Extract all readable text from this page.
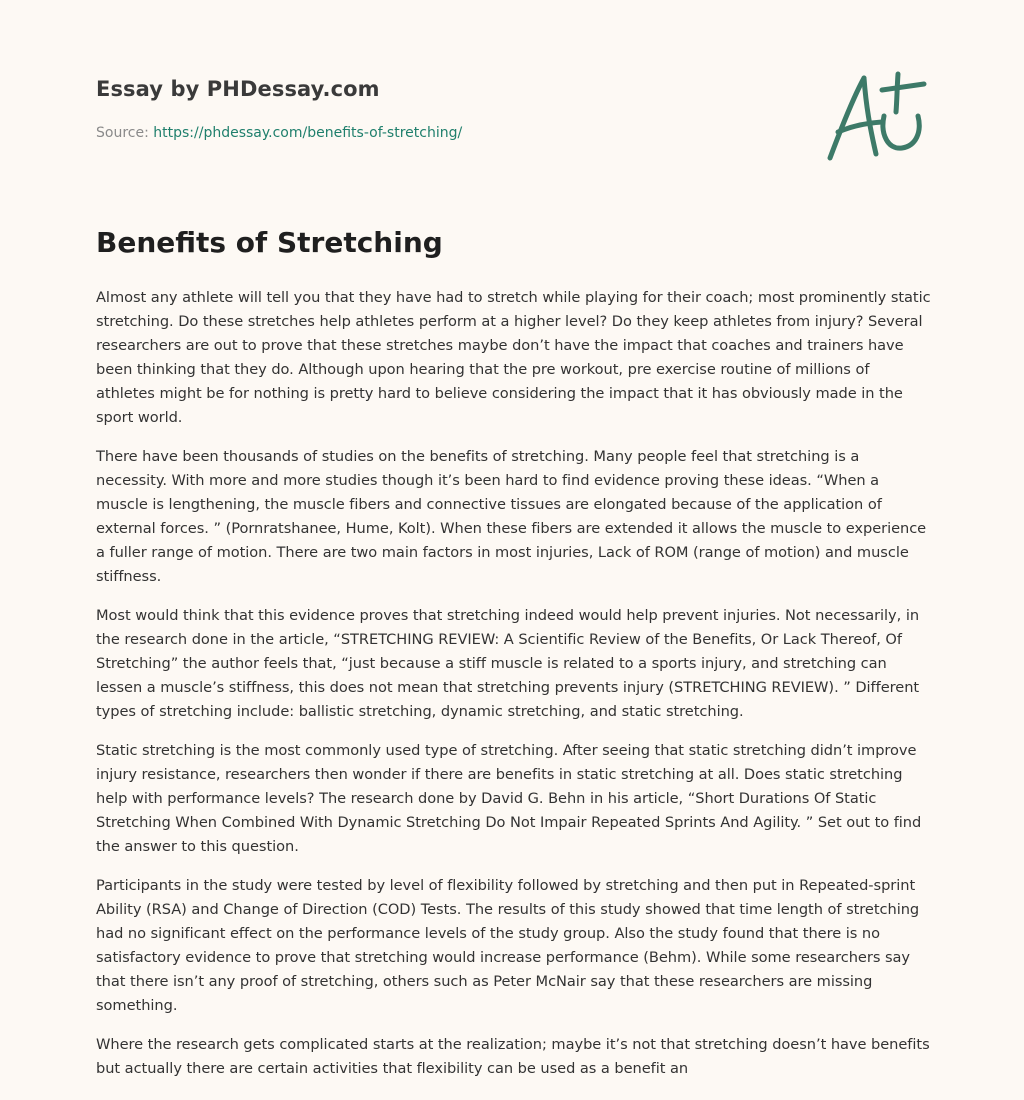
Essay by PHDessay.com
Source: https://phdessay.com/benefits-of-stretching/
Benefits of Stretching

Almost any athlete will tell you that they have had to stretch while playing for their coach; most prominently static stretching. Do these stretches help athletes perform at a higher level? Do they keep athletes from injury? Several researchers are out to prove that these stretches maybe don’t have the impact that coaches and trainers have been thinking that they do. Although upon hearing that the pre workout, pre exercise routine of millions of athletes might be for nothing is pretty hard to believe considering the impact that it has obviously made in the sport world.

There have been thousands of studies on the benefits of stretching. Many people feel that stretching is a necessity. With more and more studies though it’s been hard to find evidence proving these ideas. “When a muscle is lengthening, the muscle fibers and connective tissues are elongated because of the application of external forces. ” (Pornratshanee, Hume, Kolt). When these fibers are extended it allows the muscle to experience a fuller range of motion. There are two main factors in most injuries, Lack of ROM (range of motion) and muscle stiffness.

Most would think that this evidence proves that stretching indeed would help prevent injuries. Not necessarily, in the research done in the article, “STRETCHING REVIEW: A Scientific Review of the Benefits, Or Lack Thereof, Of Stretching” the author feels that, “just because a stiff muscle is related to a sports injury, and stretching can lessen a muscle’s stiffness, this does not mean that stretching prevents injury (STRETCHING REVIEW). ” Different types of stretching include: ballistic stretching, dynamic stretching, and static stretching.

Static stretching is the most commonly used type of stretching. After seeing that static stretching didn’t improve injury resistance, researchers then wonder if there are benefits in static stretching at all. Does static stretching help with performance levels? The research done by David G. Behn in his article, “Short Durations Of Static Stretching When Combined With Dynamic Stretching Do Not Impair Repeated Sprints And Agility. ” Set out to find the answer to this question.

Participants in the study were tested by level of flexibility followed by stretching and then put in Repeated-sprint Ability (RSA) and Change of Direction (COD) Tests. The results of this study showed that time length of stretching had no significant effect on the performance levels of the study group. Also the study found that there is no satisfactory evidence to prove that stretching would increase performance (Behm). While some researchers say that there isn’t any proof of stretching, others such as Peter McNair say that these researchers are missing something.

Where the research gets complicated starts at the realization; maybe it’s not that stretching doesn’t have benefits but actually there are certain activities that flexibility can be used as a benefit an
